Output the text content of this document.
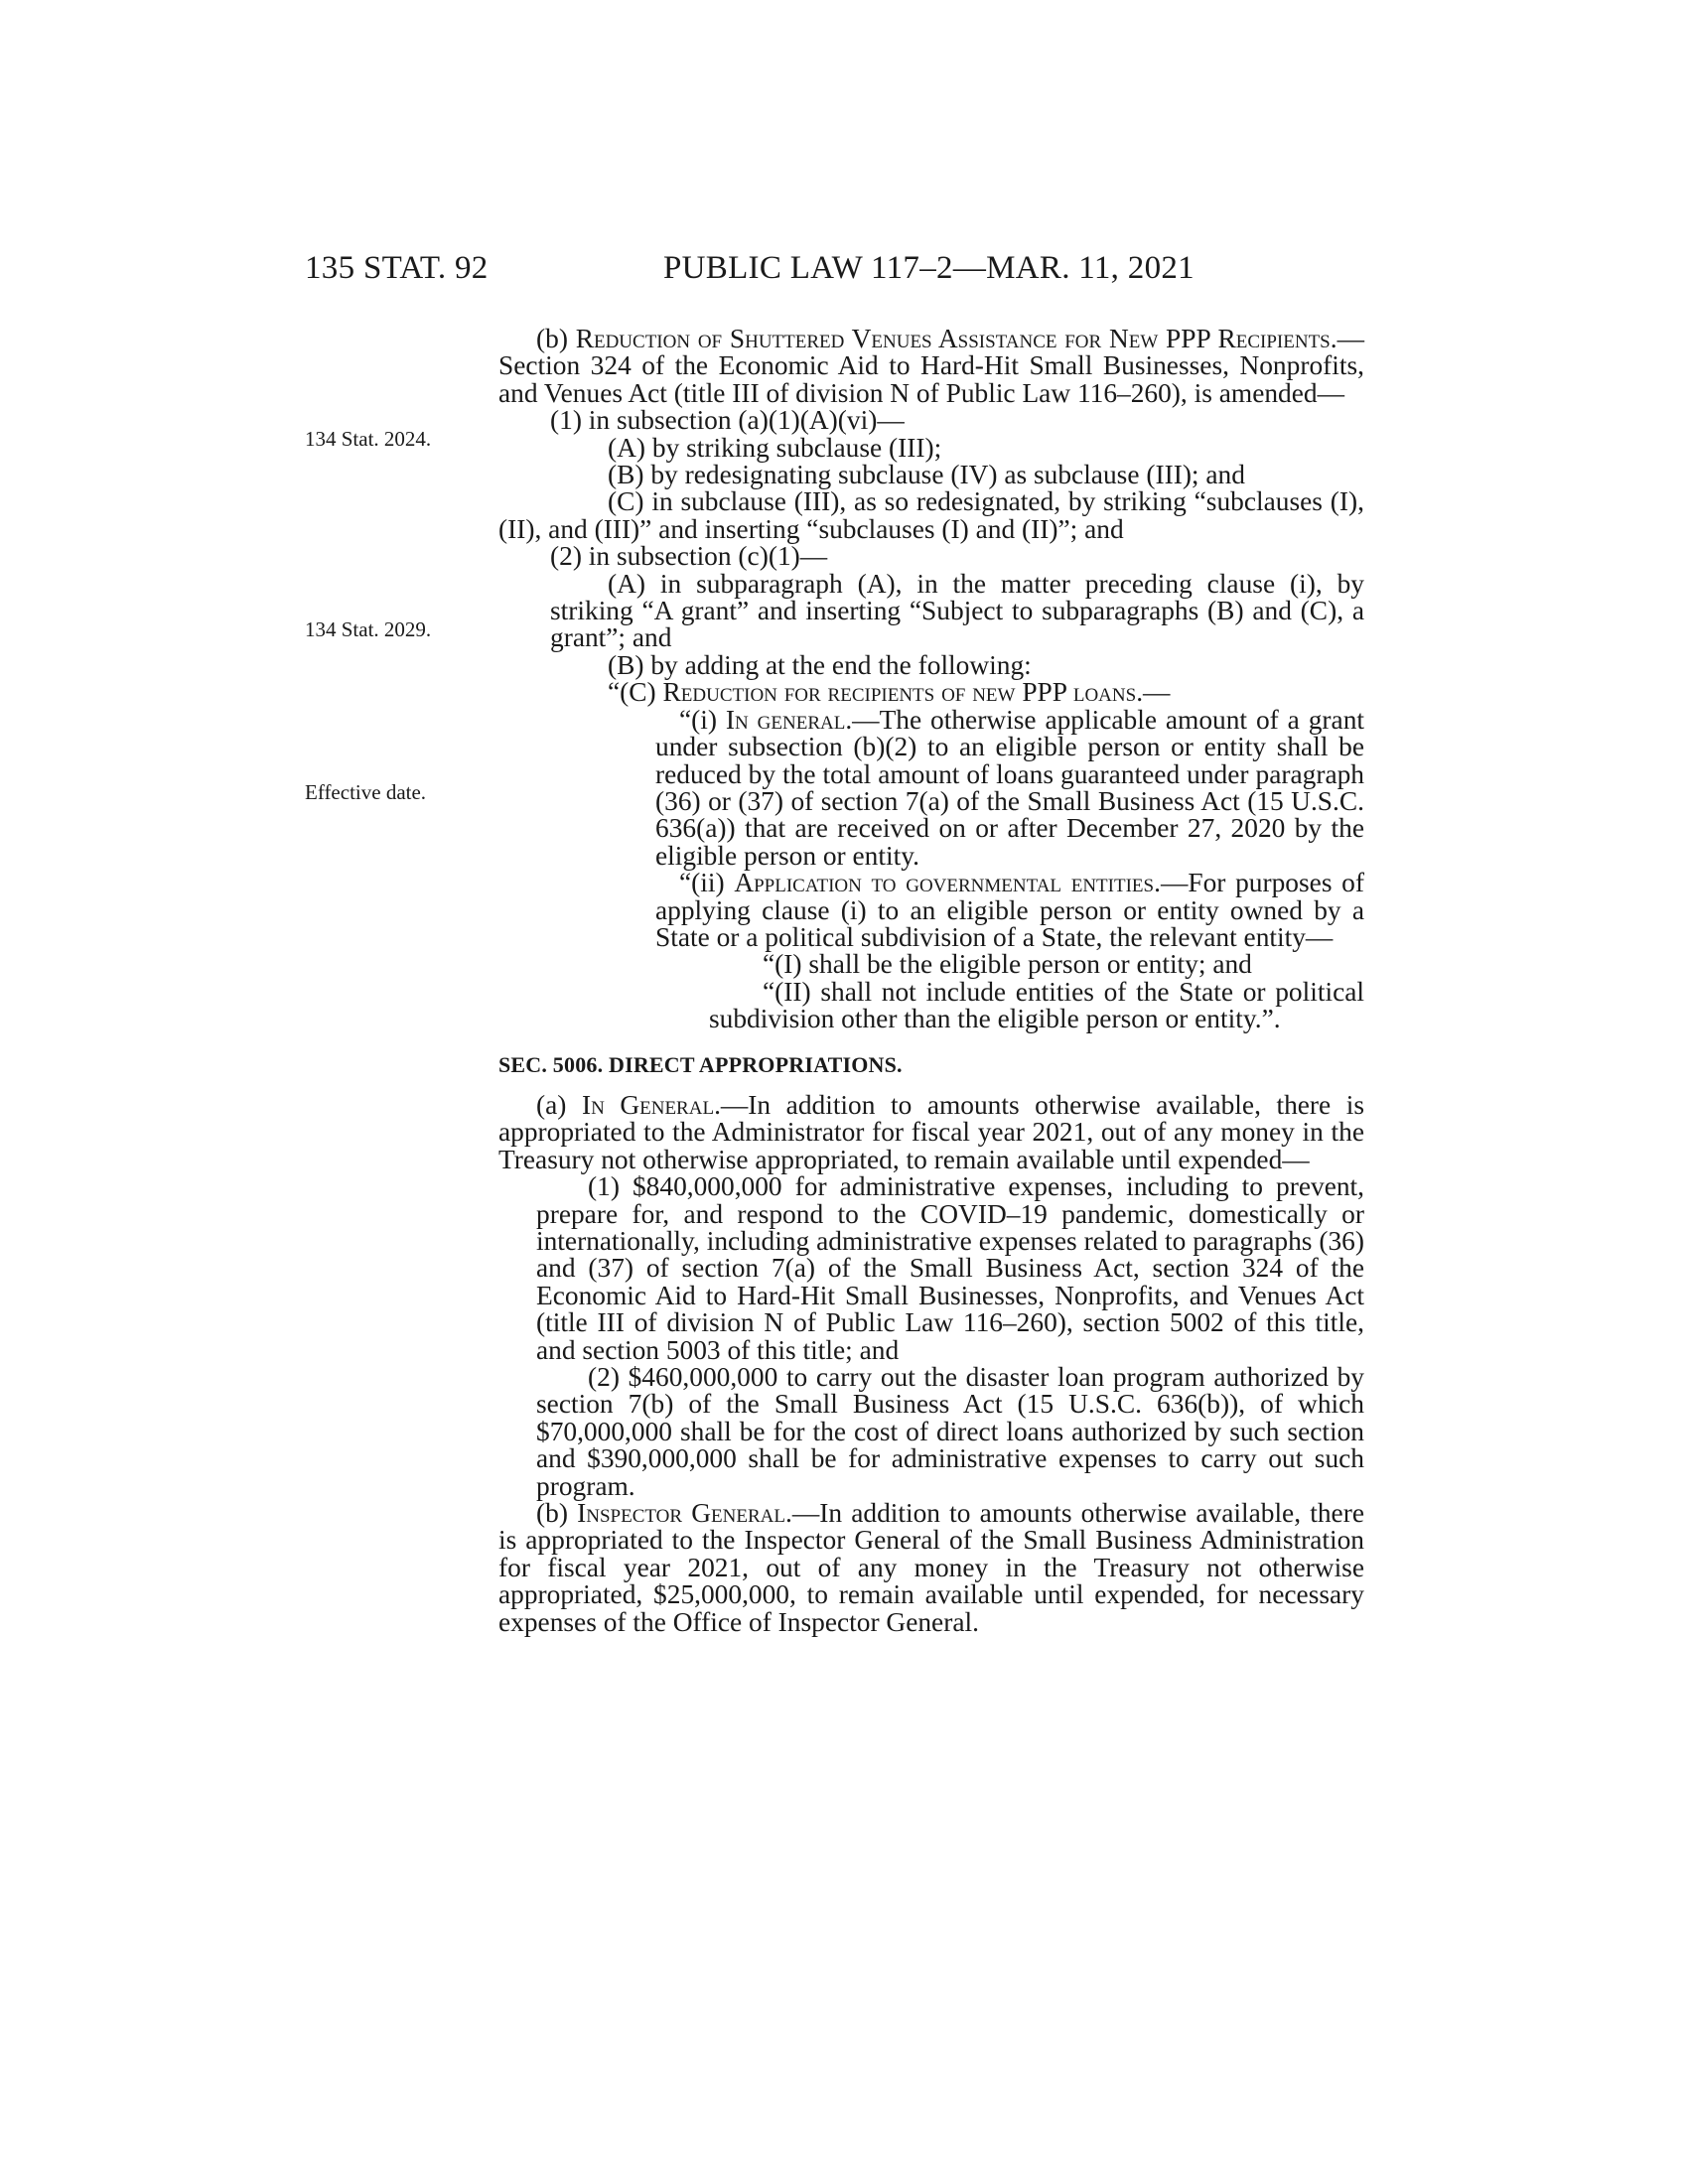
135 STAT. 92	PUBLIC LAW 117–2—MAR. 11, 2021
134 Stat. 2024.
134 Stat. 2029.
Effective date.

(b) Reduction of Shuttered Venues Assistance for New PPP Recipients.—Section 324 of the Economic Aid to Hard-Hit Small Businesses, Nonprofits, and Venues Act (title III of division N of Public Law 116–260), is amended—

(1) in subsection (a)(1)(A)(vi)—

(A) by striking subclause (III);

(B) by redesignating subclause (IV) as subclause (III); and

(C) in subclause (III), as so redesignated, by striking “subclauses (I), (II), and (III)” and inserting “subclauses (I) and (II)”; and

(2) in subsection (c)(1)—

(A) in subparagraph (A), in the matter preceding clause (i), by striking “A grant” and inserting “Subject to subparagraphs (B) and (C), a grant”; and

(B) by adding at the end the following:

“(C) Reduction for recipients of new PPP loans.—

“(i) In general.—The otherwise applicable amount of a grant under subsection (b)(2) to an eligible person or entity shall be reduced by the total amount of loans guaranteed under paragraph (36) or (37) of section 7(a) of the Small Business Act (15 U.S.C. 636(a)) that are received on or after December 27, 2020 by the eligible person or entity.

“(ii) Application to governmental entities.—For purposes of applying clause (i) to an eligible person or entity owned by a State or a political subdivision of a State, the relevant entity—

“(I) shall be the eligible person or entity; and

“(II) shall not include entities of the State or political subdivision other than the eligible person or entity.”.

SEC. 5006. DIRECT APPROPRIATIONS.

(a) In General.—In addition to amounts otherwise available, there is appropriated to the Administrator for fiscal year 2021, out of any money in the Treasury not otherwise appropriated, to remain available until expended—

(1) $840,000,000 for administrative expenses, including to prevent, prepare for, and respond to the COVID–19 pandemic, domestically or internationally, including administrative expenses related to paragraphs (36) and (37) of section 7(a) of the Small Business Act, section 324 of the Economic Aid to Hard-Hit Small Businesses, Nonprofits, and Venues Act (title III of division N of Public Law 116–260), section 5002 of this title, and section 5003 of this title; and

(2) $460,000,000 to carry out the disaster loan program authorized by section 7(b) of the Small Business Act (15 U.S.C. 636(b)), of which $70,000,000 shall be for the cost of direct loans authorized by such section and $390,000,000 shall be for administrative expenses to carry out such program.

(b) Inspector General.—In addition to amounts otherwise available, there is appropriated to the Inspector General of the Small Business Administration for fiscal year 2021, out of any money in the Treasury not otherwise appropriated, $25,000,000, to remain available until expended, for necessary expenses of the Office of Inspector General.
